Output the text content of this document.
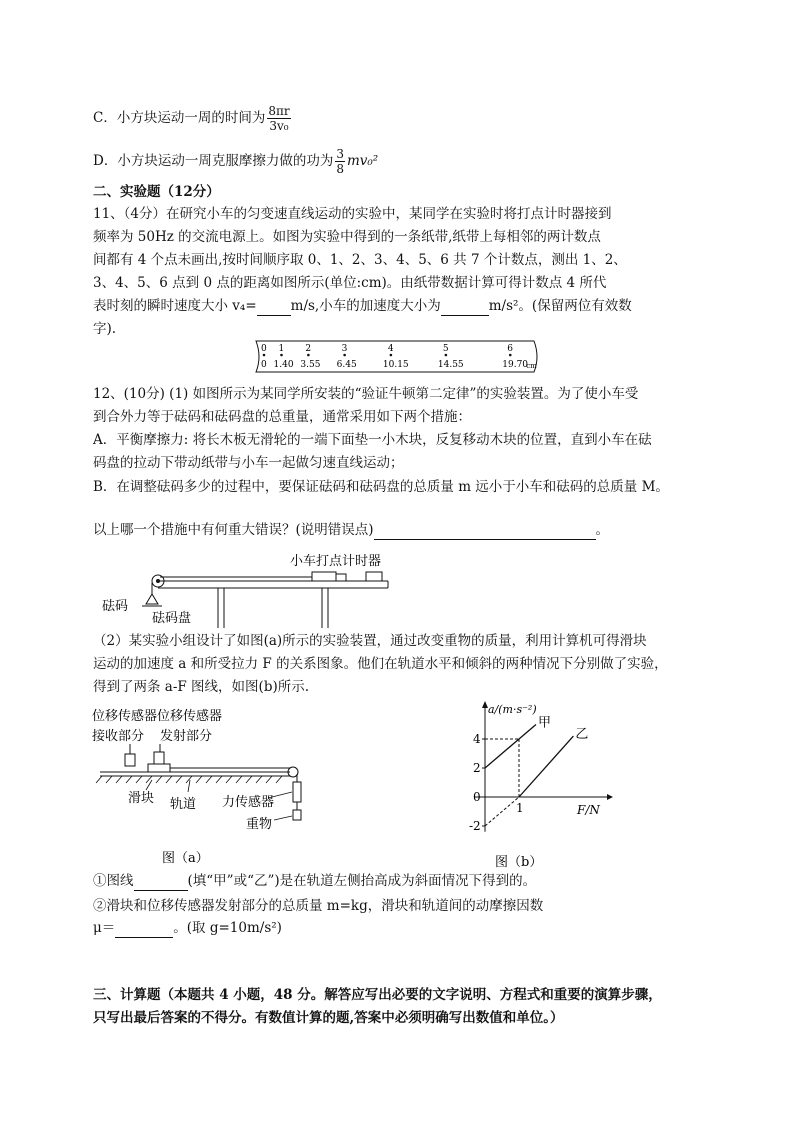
C．小方块运动一周的时间为 $\frac{8\pi r}{\text{3v₀}}$
D．小方块运动一周克服摩擦力做的功为 $\frac{3}{8} mv_0^2$
二、实验题（12分）
11、（4分）在研究小车的匀变速直线运动的实验中，某同学在实验时将打点计时器接到
频率为 50Hz 的交流电源上。如图为实验中得到的一条纸带,纸带上每相邻的两计数点
间都有 4 个点未画出,按时间顺序取 0、1、2、3、4、5、6 共 7 个计数点，测出 1、2、
3、4、5、6 点到 0 点的距离如图所示(单位:cm)。由纸带数据计算可得计数点 4 所代
表时刻的瞬时速度大小 v₄=	m/s,小车的加速度大小为	m/s²。(保留两位有效数
字).
0
0
1
1.40
2
3.55
3
6.45
4
10.15
5
14.55
6
19.70
cm
12、(10分) (1) 如图所示为某同学所安装的“验证牛顿第二定律”的实验装置。为了使小车受
到合外力等于砝码和砝码盘的总重量，通常采用如下两个措施：
A．平衡摩擦力: 将长木板无滑轮的一端下面垫一小木块，反复移动木块的位置，直到小车在砝
码盘的拉动下带动纸带与小车一起做匀速直线运动；
B．在调整砝码多少的过程中，要保证砝码和砝码盘的总质量 m 远小于小车和砝码的总质量 M。
以上哪一个措施中有何重大错误？(说明错误点)	。
小车打点计时器
砝码
砝码盘
（2）某实验小组设计了如图(a)所示的实验装置，通过改变重物的质量，利用计算机可得滑块
运动的加速度 a 和所受拉力 F 的关系图象。他们在轨道水平和倾斜的两种情况下分别做了实验，
得到了两条 a-F 图线，如图(b)所示.
位移传感器位移传感器
接收部分 发射部分
滑块 轨道 力传感器
重物
图（a）
a/(m·s⁻²)
F/N
4
2
0
-2
1
甲
乙
图（b）
①图线	(填“甲”或“乙”)是在轨道左侧抬高成为斜面情况下得到的。
②滑块和位移传感器发射部分的总质量 m=kg，滑块和轨道间的动摩擦因数
μ＝	。(取 g=10m/s²)
三、计算题（本题共 4 小题，48 分。解答应写出必要的文字说明、方程式和重要的演算步骤，
只写出最后答案的不得分。有数值计算的题,答案中必须明确写出数值和单位。）
